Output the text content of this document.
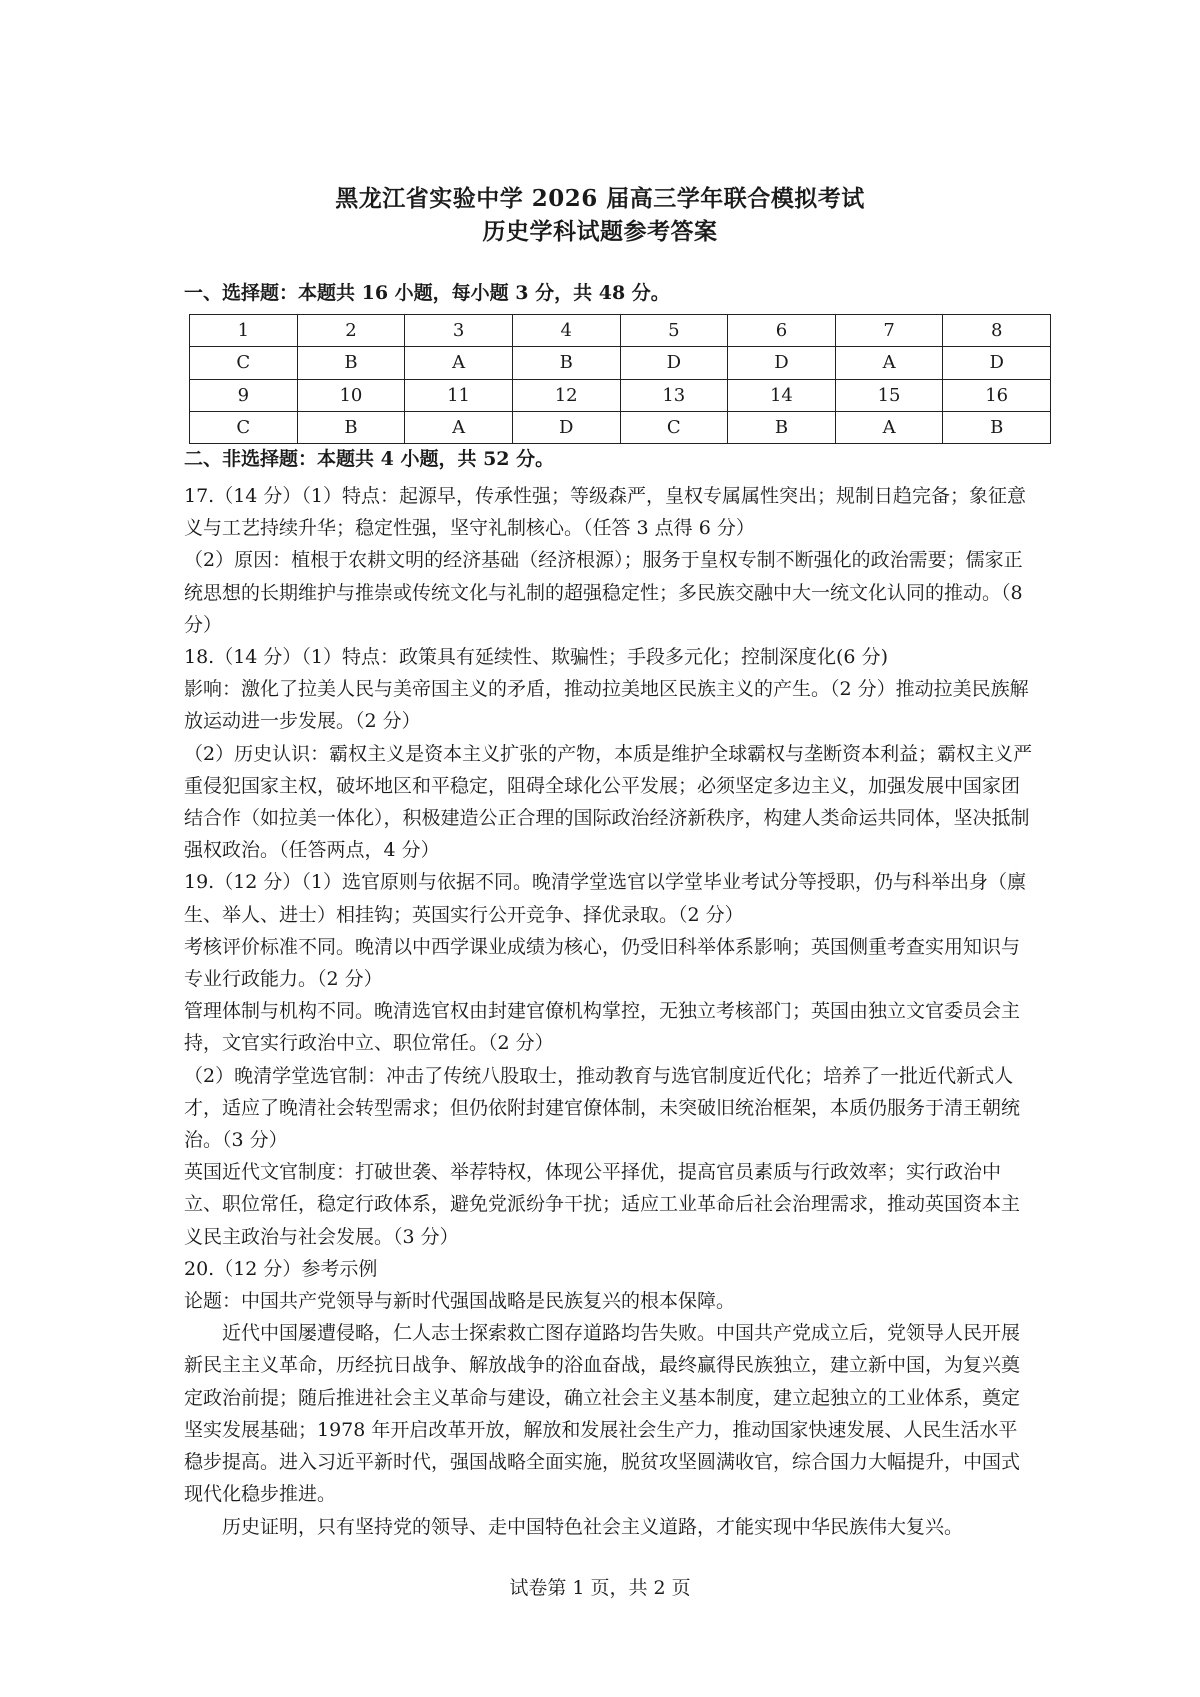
黑龙江省实验中学 2026 届高三学年联合模拟考试
历史学科试题参考答案
一、选择题：本题共 16 小题，每小题 3 分，共 48 分。
1	2	3	4	5	6	7	8
C	B	A	B	D	D	A	D
9	10	11	12	13	14	15	16
C	B	A	D	C	B	A	B
二、非选择题：本题共 4 小题，共 52 分。

17.（14 分）（1）特点：起源早，传承性强；等级森严，皇权专属属性突出；规制日趋完备；象征意义与工艺持续升华；稳定性强，坚守礼制核心。（任答 3 点得 6 分）

（2）原因：植根于农耕文明的经济基础（经济根源）；服务于皇权专制不断强化的政治需要；儒家正统思想的长期维护与推崇或传统文化与礼制的超强稳定性；多民族交融中大一统文化认同的推动。（8 分）

18.（14 分）（1）特点：政策具有延续性、欺骗性；手段多元化；控制深度化(6 分)

影响：激化了拉美人民与美帝国主义的矛盾，推动拉美地区民族主义的产生。（2 分）推动拉美民族解放运动进一步发展。（2 分）

（2）历史认识：霸权主义是资本主义扩张的产物，本质是维护全球霸权与垄断资本利益；霸权主义严重侵犯国家主权，破坏地区和平稳定，阻碍全球化公平发展；必须坚定多边主义，加强发展中国家团结合作（如拉美一体化），积极建造公正合理的国际政治经济新秩序，构建人类命运共同体，坚决抵制强权政治。（任答两点，4 分）

19.（12 分）（1）选官原则与依据不同。晚清学堂选官以学堂毕业考试分等授职，仍与科举出身（廪生、举人、进士）相挂钩；英国实行公开竞争、择优录取。（2 分）

考核评价标准不同。晚清以中西学课业成绩为核心，仍受旧科举体系影响；英国侧重考查实用知识与专业行政能力。（2 分）

管理体制与机构不同。晚清选官权由封建官僚机构掌控，无独立考核部门；英国由独立文官委员会主持，文官实行政治中立、职位常任。（2 分）

（2）晚清学堂选官制：冲击了传统八股取士，推动教育与选官制度近代化；培养了一批近代新式人才，适应了晚清社会转型需求；但仍依附封建官僚体制，未突破旧统治框架，本质仍服务于清王朝统治。（3 分）

英国近代文官制度：打破世袭、举荐特权，体现公平择优，提高官员素质与行政效率；实行政治中立、职位常任，稳定行政体系，避免党派纷争干扰；适应工业革命后社会治理需求，推动英国资本主义民主政治与社会发展。（3 分）

20.（12 分）参考示例

论题：中国共产党领导与新时代强国战略是民族复兴的根本保障。

近代中国屡遭侵略，仁人志士探索救亡图存道路均告失败。中国共产党成立后，党领导人民开展新民主主义革命，历经抗日战争、解放战争的浴血奋战，最终赢得民族独立，建立新中国，为复兴奠定政治前提；随后推进社会主义革命与建设，确立社会主义基本制度，建立起独立的工业体系，奠定坚实发展基础；1978 年开启改革开放，解放和发展社会生产力，推动国家快速发展、人民生活水平稳步提高。进入习近平新时代，强国战略全面实施，脱贫攻坚圆满收官，综合国力大幅提升，中国式现代化稳步推进。

历史证明，只有坚持党的领导、走中国特色社会主义道路，才能实现中华民族伟大复兴。

试卷第 1 页，共 2 页
